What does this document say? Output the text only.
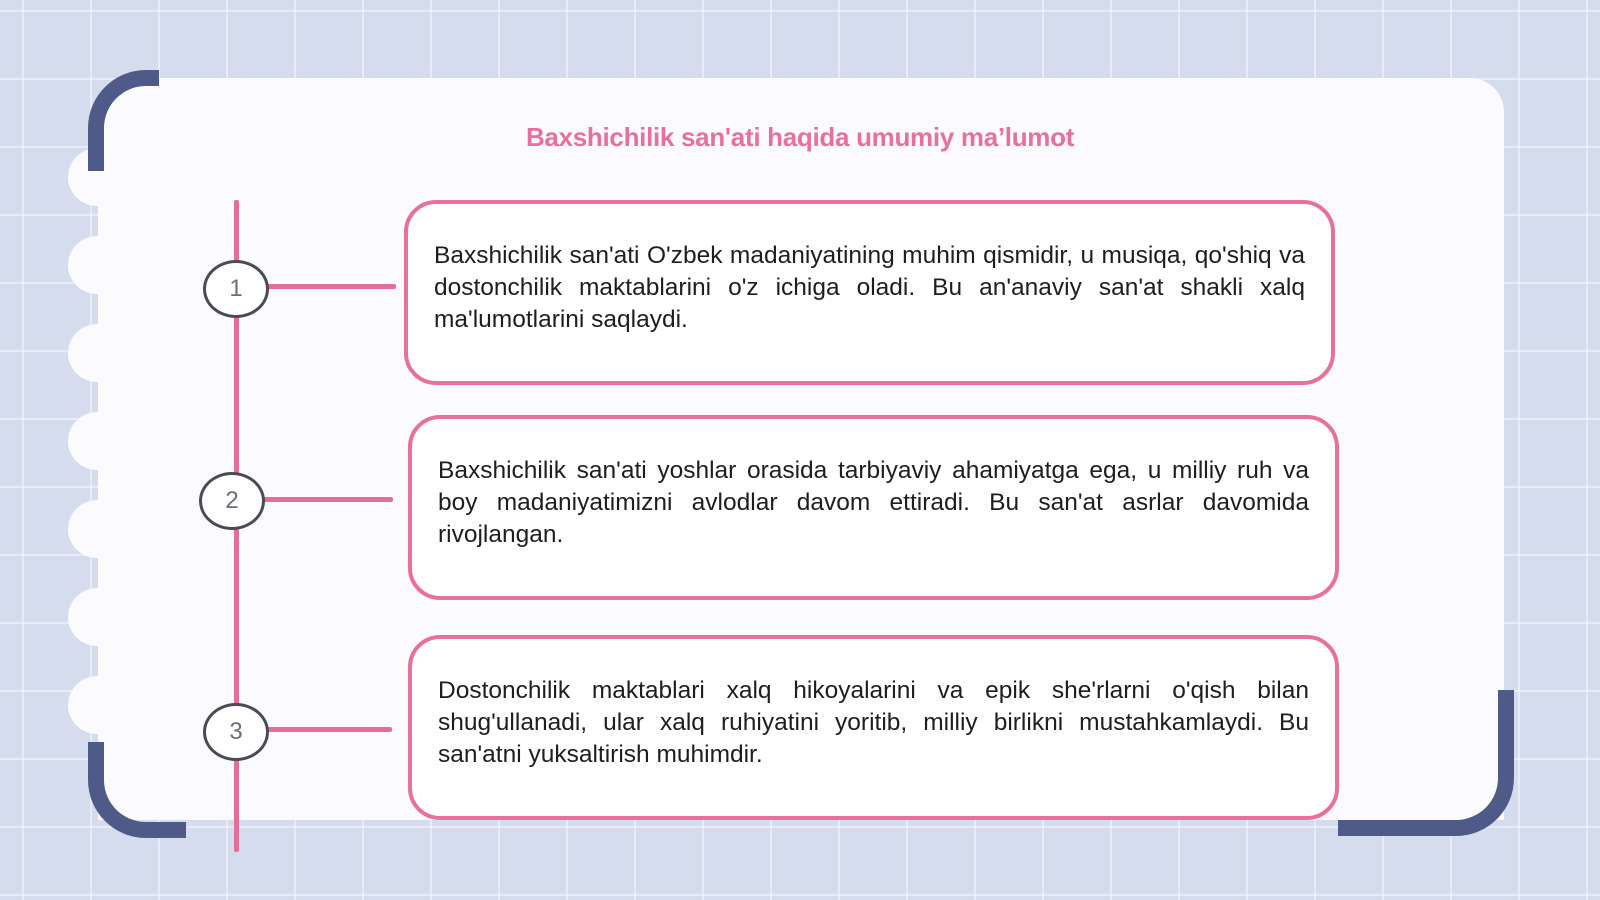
Baxshichilik san'ati haqida umumiy ma’lumot
1
2
3

Baxshichilik san'ati O'zbek madaniyatining muhim qismidir, u musiqa, qo'shiq va dostonchilik maktablarini o'z ichiga oladi. Bu an'anaviy san'at shakli xalq ma'lumotlarini saqlaydi.

Baxshichilik san'ati yoshlar orasida tarbiyaviy ahamiyatga ega, u milliy ruh va boy madaniyatimizni avlodlar davom ettiradi. Bu san'at asrlar davomida rivojlangan.

Dostonchilik maktablari xalq hikoyalarini va epik she'rlarni o'qish bilan shug'ullanadi, ular xalq ruhiyatini yoritib, milliy birlikni mustahkamlaydi. Bu san'atni yuksaltirish muhimdir.
